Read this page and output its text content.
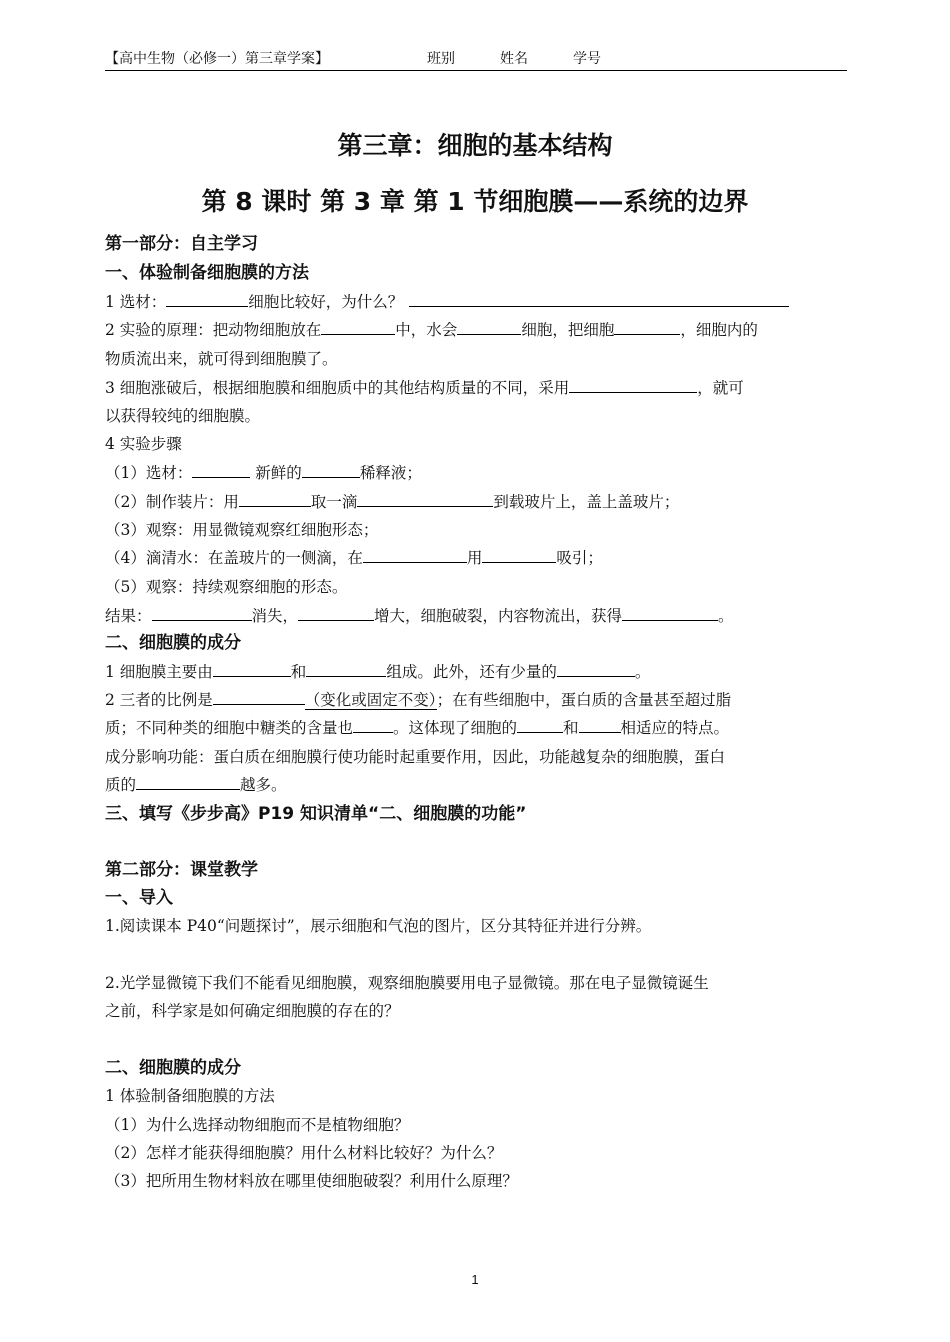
【高中生物（必修一）第三章学案】	班别	姓名	学号
第三章：细胞的基本结构
第 8 课时 第 3 章 第 1 节细胞膜——系统的边界
第一部分：自主学习
一、体验制备细胞膜的方法
1 选材：	细胞比较好，为什么？
2 实验的原理：把动物细胞放在	中，水会	细胞，把细胞	，细胞内的
物质流出来，就可得到细胞膜了。
3 细胞涨破后，根据细胞膜和细胞质中的其他结构质量的不同，采用	，就可
以获得较纯的细胞膜。
4 实验步骤
（1）选材：	新鲜的	稀释液；
（2）制作装片：用	取一滴	到载玻片上，盖上盖玻片；
（3）观察：用显微镜观察红细胞形态；
（4）滴清水：在盖玻片的一侧滴，在	用	吸引；
（5）观察：持续观察细胞的形态。
结果：	消失，	增大，细胞破裂，内容物流出，获得	。
二、细胞膜的成分
1 细胞膜主要由	和	组成。此外，还有少量的	。
2 三者的比例是	（变化或固定不变）；在有些细胞中，蛋白质的含量甚至超过脂
质；不同种类的细胞中糖类的含量也	。这体现了细胞的	和	相适应的特点。
成分影响功能：蛋白质在细胞膜行使功能时起重要作用，因此，功能越复杂的细胞膜，蛋白
质的	越多。
三、填写《步步高》P19 知识清单“二、细胞膜的功能”
第二部分：课堂教学
一、导入
1.阅读课本 P40“问题探讨”，展示细胞和气泡的图片，区分其特征并进行分辨。
2.光学显微镜下我们不能看见细胞膜，观察细胞膜要用电子显微镜。那在电子显微镜诞生
之前，科学家是如何确定细胞膜的存在的？
二、细胞膜的成分
1 体验制备细胞膜的方法
（1）为什么选择动物细胞而不是植物细胞？
（2）怎样才能获得细胞膜？用什么材料比较好？为什么？
（3）把所用生物材料放在哪里使细胞破裂？利用什么原理？
1
